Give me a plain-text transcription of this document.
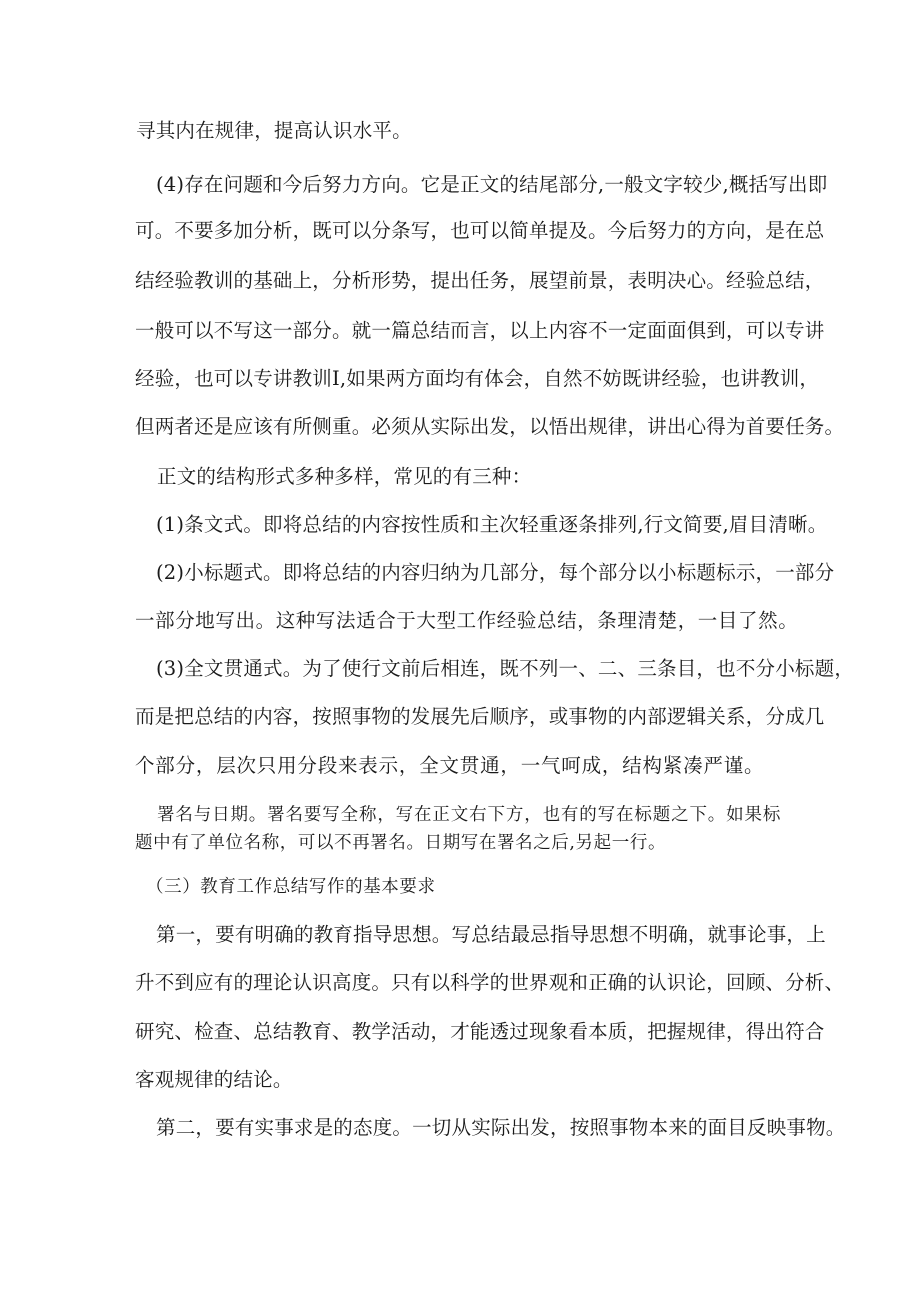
寻其内在规律，提高认识水平。
(4)存在问题和今后努力方向。它是正文的结尾部分,一般文字较少,概括写出即
可。不要多加分析，既可以分条写，也可以简单提及。今后努力的方向，是在总
结经验教训的基础上，分析形势，提出任务，展望前景，表明决心。经验总结，
一般可以不写这一部分。就一篇总结而言，以上内容不一定面面俱到，可以专讲
经验，也可以专讲教训I,如果两方面均有体会，自然不妨既讲经验，也讲教训，
但两者还是应该有所侧重。必须从实际出发，以悟出规律，讲出心得为首要任务。
正文的结构形式多种多样，常见的有三种：
(1)条文式。即将总结的内容按性质和主次轻重逐条排列,行文简要,眉目清晰。
(2)小标题式。即将总结的内容归纳为几部分，每个部分以小标题标示，一部分
一部分地写出。这种写法适合于大型工作经验总结，条理清楚，一目了然。
(3)全文贯通式。为了使行文前后相连，既不列一、二、三条目，也不分小标题，
而是把总结的内容，按照事物的发展先后顺序，或事物的内部逻辑关系，分成几
个部分，层次只用分段来表示，全文贯通，一气呵成，结构紧凑严谨。
署名与日期。署名要写全称，写在正文右下方，也有的写在标题之下。如果标
题中有了单位名称，可以不再署名。日期写在署名之后,另起一行。
（三）教育工作总结写作的基本要求
第一，要有明确的教育指导思想。写总结最忌指导思想不明确，就事论事，上
升不到应有的理论认识高度。只有以科学的世界观和正确的认识论，回顾、分析、
研究、检查、总结教育、教学活动，才能透过现象看本质，把握规律，得出符合
客观规律的结论。
第二，要有实事求是的态度。一切从实际出发，按照事物本来的面目反映事物。
